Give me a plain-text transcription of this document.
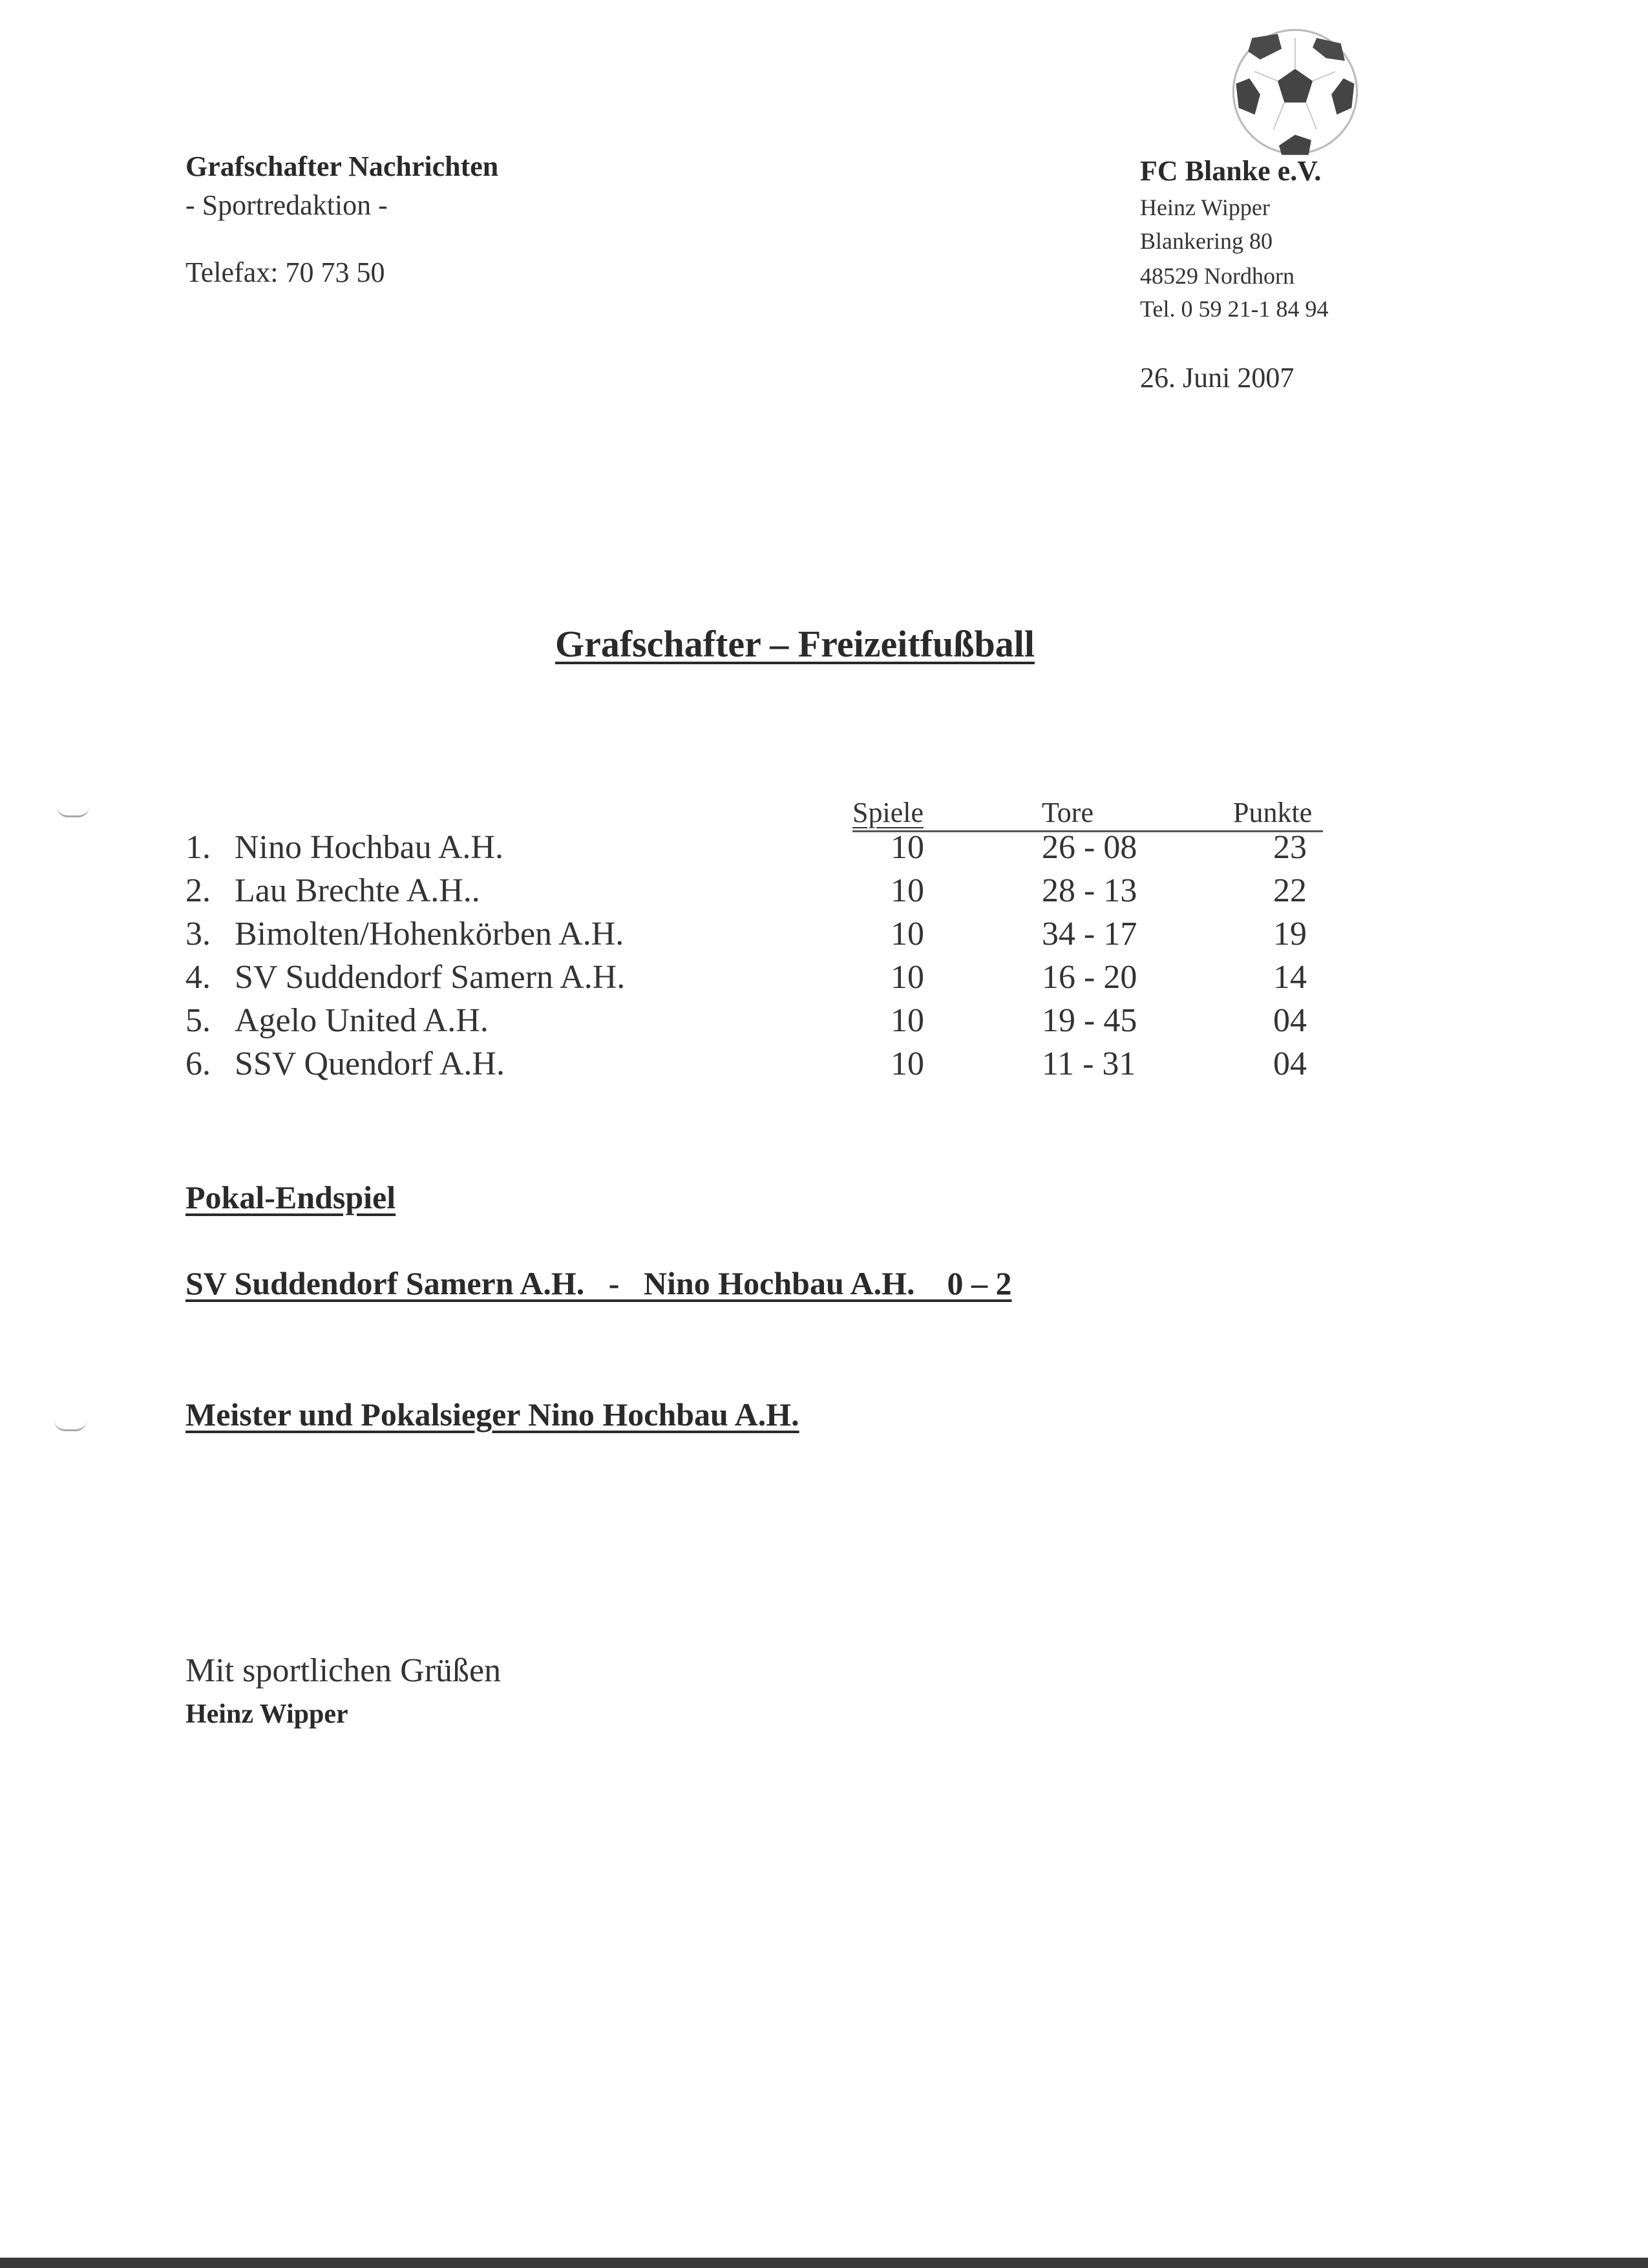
Grafschafter Nachrichten
- Sportredaktion -
Telefax: 70 73 50
FC Blanke e.V.
Heinz Wipper
Blankering 80
48529 Nordhorn
Tel. 0 59 21-1 84 94
26. Juni 2007
Grafschafter – Freizeitfußball
Spiele	Tore	Punkte
1. Nino Hochbau A.H.	10	26 - 08	23
2. Lau Brechte A.H..	10	28 - 13	22
3. Bimolten/Hohenkörben A.H.	10	34 - 17	19
4. SV Suddendorf Samern A.H.	10	16 - 20	14
5. Agelo United A.H.	10	19 - 45	04
6. SSV Quendorf A.H.	10	11 - 31	04
Pokal-Endspiel
SV Suddendorf Samern A.H.   -   Nino Hochbau A.H.    0 – 2
Meister und Pokalsieger Nino Hochbau A.H.
Mit sportlichen Grüßen
Heinz Wipper
